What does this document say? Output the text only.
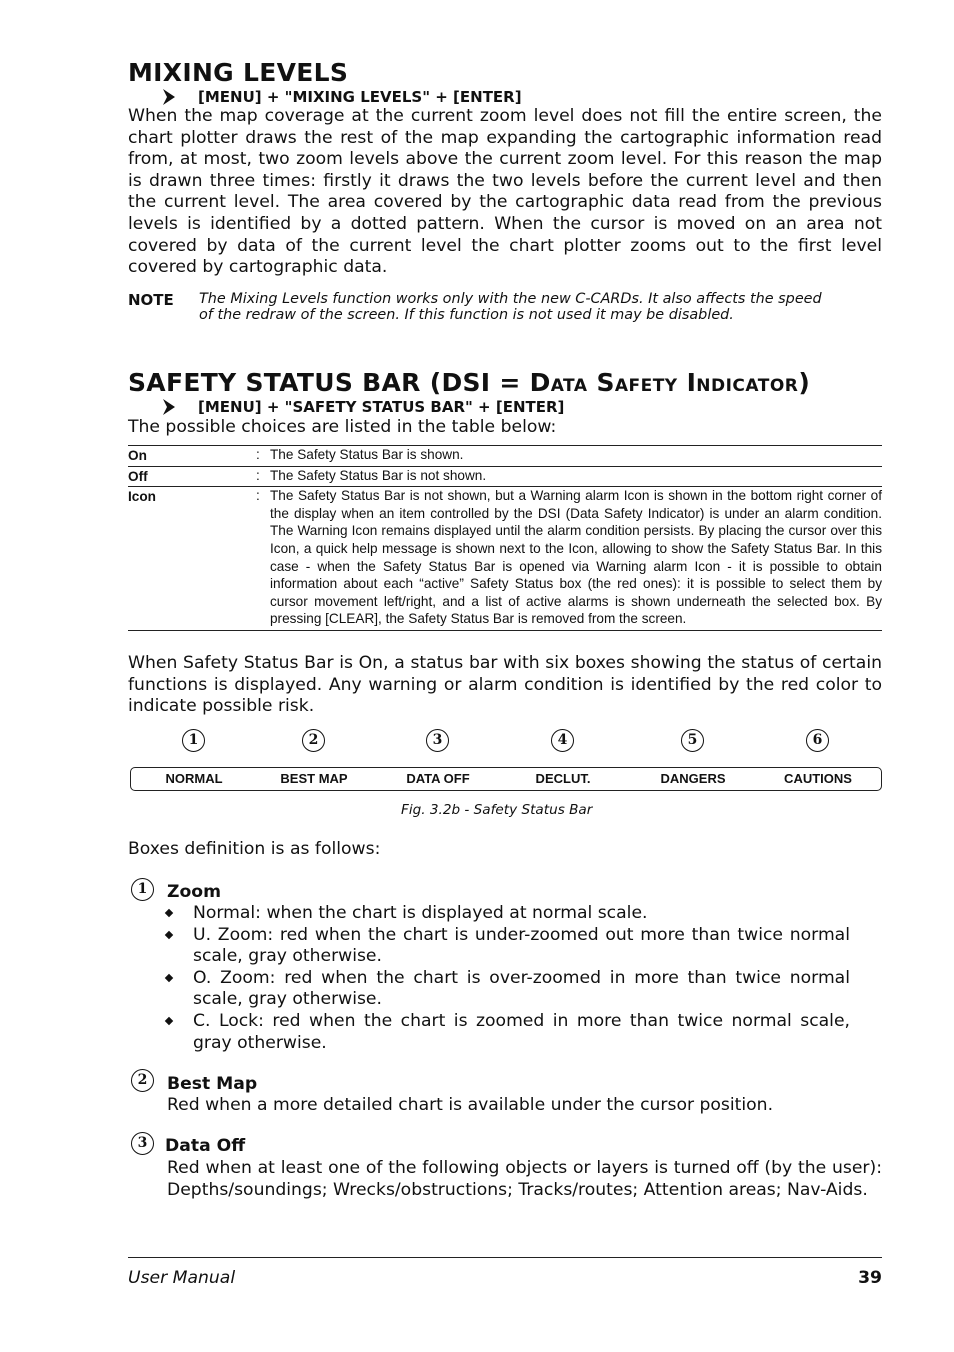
MIXING LEVELS
[MENU] + "MIXING LEVELS" + [ENTER]
When the map coverage at the current zoom level does not fill the entire screen, the chart plotter draws the rest of the map expanding the cartographic information read from, at most, two zoom levels above the current zoom level. For this reason the map is drawn three times: firstly it draws the two levels before the current level and then the current level. The area covered by the cartographic data read from the previous levels is identified by a dotted pattern. When the cursor is moved on an area not covered by data of the current level the chart plotter zooms out to the first level covered by cartographic data.
NOTE The Mixing Levels function works only with the new C-CARDs. It also affects the speed of the redraw of the screen. If this function is not used it may be disabled.
SAFETY STATUS BAR (DSI = DATA SAFETY INDICATOR)
[MENU] + "SAFETY STATUS BAR" + [ENTER]
The possible choices are listed in the table below:
On	:	The Safety Status Bar is shown.
Off	:	The Safety Status Bar is not shown.
Icon	:	The Safety Status Bar is not shown, but a Warning alarm Icon is shown in the bottom right corner of the display when an item controlled by the DSI (Data Safety Indicator) is under an alarm condition. The Warning Icon remains displayed until the alarm condition persists. By placing the cursor over this Icon, a quick help message is shown next to the Icon, allowing to show the Safety Status Bar. In this case - when the Safety Status Bar is opened via Warning alarm Icon - it is possible to obtain information about each “active” Safety Status box (the red ones): it is possible to select them by cursor movement left/right, and a list of active alarms is shown underneath the selected box. By pressing [CLEAR], the Safety Status Bar is removed from the screen.
When Safety Status Bar is On, a status bar with six boxes showing the status of certain functions is displayed. Any warning or alarm condition is identified by the red color to indicate possible risk.
1	2	3	4	5	6
NORMAL	BEST MAP	DATA OFF	DECLUT.	DANGERS	CAUTIONS
Fig. 3.2b - Safety Status Bar
Boxes definition is as follows:
1	Zoom
Normal: when the chart is displayed at normal scale.
U. Zoom: red when the chart is under-zoomed out more than twice normal scale, gray otherwise.
O. Zoom: red when the chart is over-zoomed in more than twice normal scale, gray otherwise.
C. Lock: red when the chart is zoomed in more than twice normal scale, gray otherwise.
2	Best Map
Red when a more detailed chart is available under the cursor position.
3	Data Off
Red when at least one of the following objects or layers is turned off (by the user): Depths/soundings; Wrecks/obstructions; Tracks/routes; Attention areas; Nav-Aids.
User Manual	39
